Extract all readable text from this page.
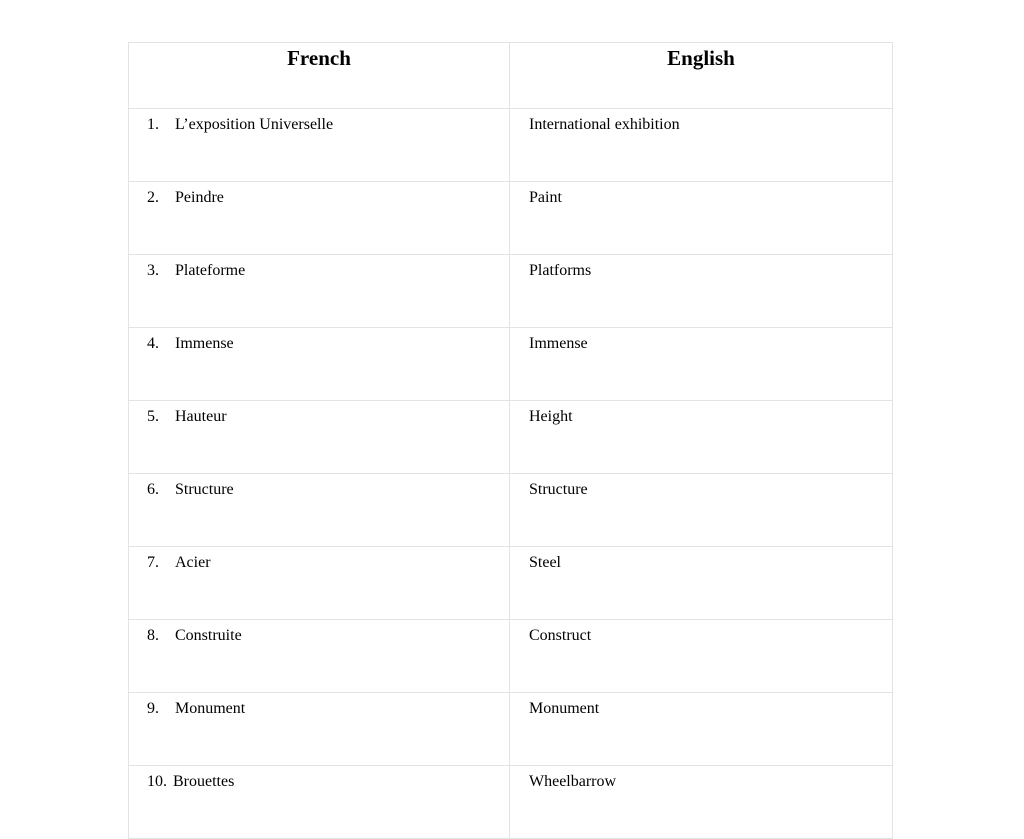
French	English
1. L’exposition Universelle	International exhibition
2. Peindre	Paint
3. Plateforme	Platforms
4. Immense	Immense
5. Hauteur	Height
6. Structure	Structure
7. Acier	Steel
8. Construite	Construct
9. Monument	Monument
10. Brouettes	Wheelbarrow
